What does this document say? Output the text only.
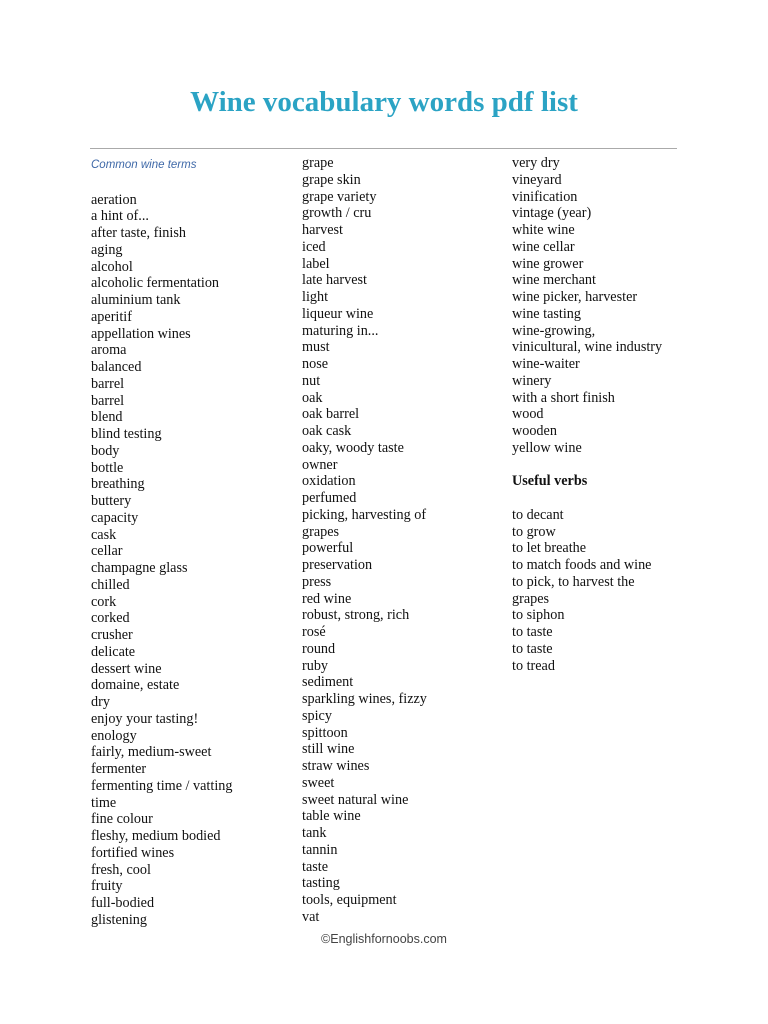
Wine vocabulary words pdf list
Common wine terms
aeration
a hint of...
after taste, finish
aging
alcohol
alcoholic fermentation
aluminium tank
aperitif
appellation wines
aroma
balanced
barrel
barrel
blend
blind testing
body
bottle
breathing
buttery
capacity
cask
cellar
champagne glass
chilled
cork
corked
crusher
delicate
dessert wine
domaine, estate
dry
enjoy your tasting!
enology
fairly, medium-sweet
fermenter
fermenting time / vatting
time
fine colour
fleshy, medium bodied
fortified wines
fresh, cool
fruity
full-bodied
glistening
grape
grape skin
grape variety
growth / cru
harvest
iced
label
late harvest
light
liqueur wine
maturing in...
must
nose
nut
oak
oak barrel
oak cask
oaky, woody taste
owner
oxidation
perfumed
picking, harvesting of
grapes
powerful
preservation
press
red wine
robust, strong, rich
rosé
round
ruby
sediment
sparkling wines, fizzy
spicy
spittoon
still wine
straw wines
sweet
sweet natural wine
table wine
tank
tannin
taste
tasting
tools, equipment
vat
very dry
vineyard
vinification
vintage (year)
white wine
wine cellar
wine grower
wine merchant
wine picker, harvester
wine tasting
wine-growing,
vinicultural, wine industry
wine-waiter
winery
with a short finish
wood
wooden
yellow wine
Useful verbs
to decant
to grow
to let breathe
to match foods and wine
to pick, to harvest the
grapes
to siphon
to taste
to taste
to tread
©Englishfornoobs.com
